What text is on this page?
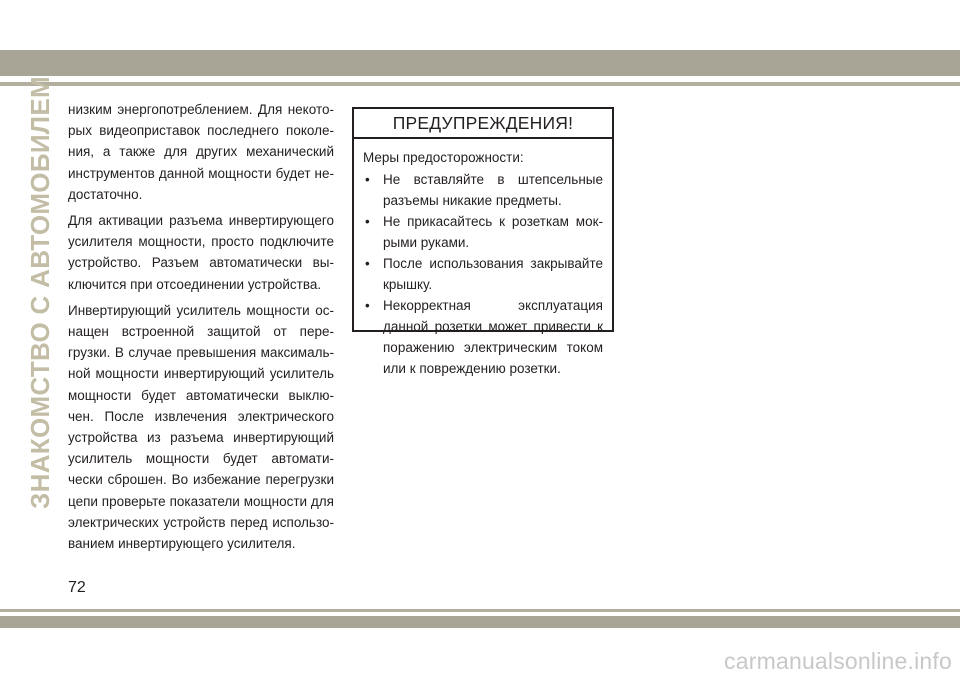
ЗНАКОМСТВО С АВТОМОБИЛЕМ низким энергопотреблением. Для некоторых видеоприставок последнего поколения, а также для других механический инструментов данной мощности будет недостаточно.

Для активации разъема инвертирующего усилителя мощности, просто подключите устройство. Разъем автоматически выключится при отсоединении устройства.

Инвертирующий усилитель мощности оснащен встроенной защитой от перегрузки. В случае превышения максимальной мощности инвертирующий усилитель мощности будет автоматически выключен. После извлечения электрического устройства из разъема инвертирующий усилитель мощности будет автоматически сброшен. Во избежание перегрузки цепи проверьте показатели мощности для электрических устройств перед использованием инвертирующего усилителя.

ПРЕДУПРЕЖДЕНИЯ!

Меры предосторожности:

• Не вставляйте в штепсельные разъемы никакие предметы.
• Не прикасайтесь к розеткам мокрыми руками.
• После использования закрывайте крышку.
• Некорректная эксплуатация данной розетки может привести к поражению электрическим током или к повреждению розетки.
72
carmanualsonline.info
